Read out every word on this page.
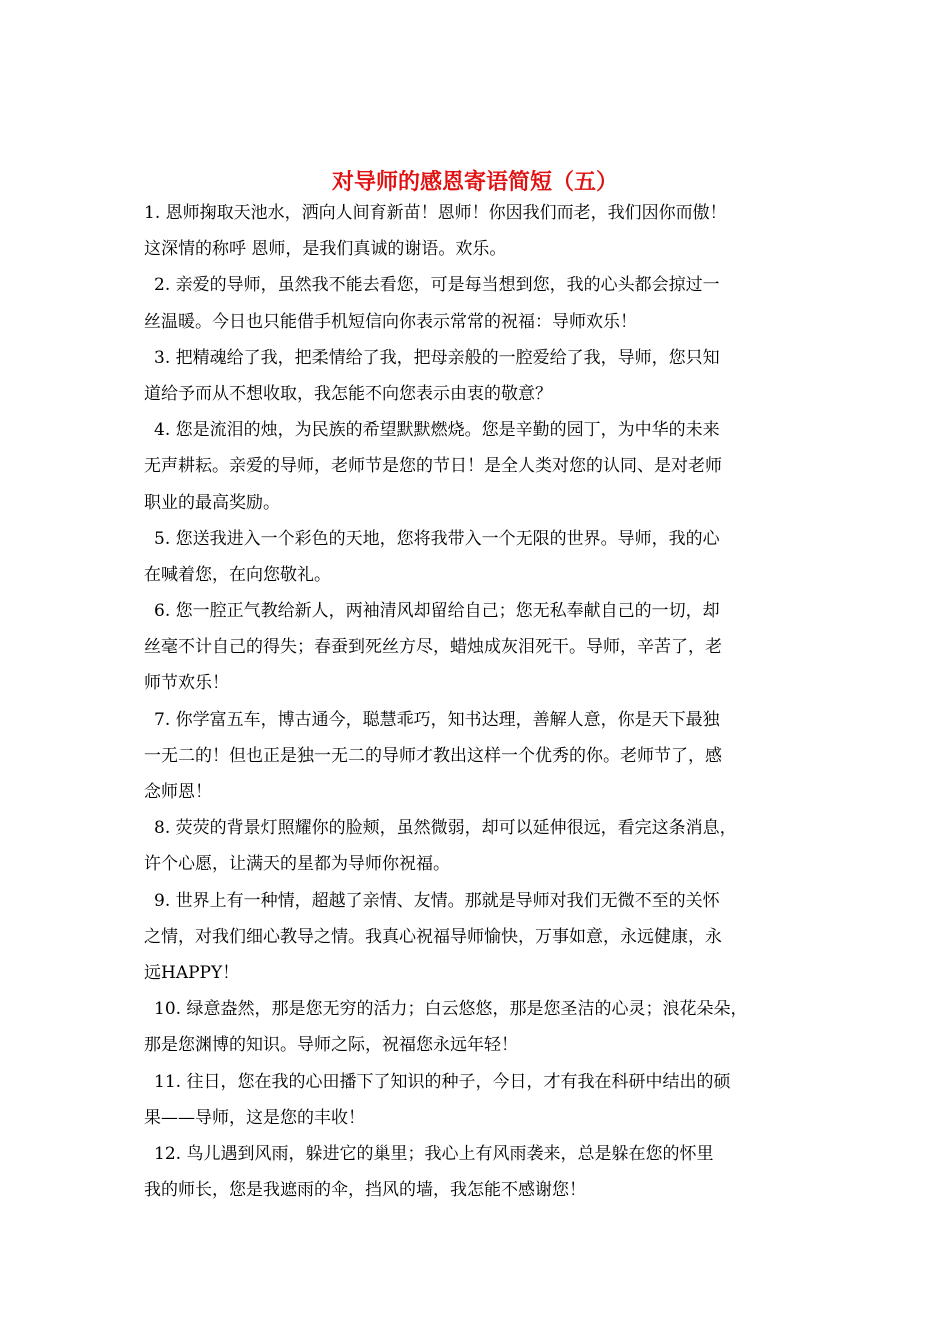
对导师的感恩寄语简短（五）
1. 恩师掬取天池水，洒向人间育新苗！恩师！你因我们而老，我们因你而傲！
这深情的称呼 恩师，是我们真诚的谢语。欢乐。
2. 亲爱的导师，虽然我不能去看您，可是每当想到您，我的心头都会掠过一
丝温暖。今日也只能借手机短信向你表示常常的祝福：导师欢乐！
3. 把精魂给了我，把柔情给了我，把母亲般的一腔爱给了我，导师，您只知
道给予而从不想收取，我怎能不向您表示由衷的敬意？
4. 您是流泪的烛，为民族的希望默默燃烧。您是辛勤的园丁，为中华的未来
无声耕耘。亲爱的导师，老师节是您的节日！是全人类对您的认同、是对老师
职业的最高奖励。
5. 您送我进入一个彩色的天地，您将我带入一个无限的世界。导师，我的心
在喊着您，在向您敬礼。
6. 您一腔正气教给新人，两袖清风却留给自己；您无私奉献自己的一切，却
丝毫不计自己的得失；春蚕到死丝方尽，蜡烛成灰泪死干。导师，辛苦了，老
师节欢乐！
7. 你学富五车，博古通今，聪慧乖巧，知书达理，善解人意，你是天下最独
一无二的！但也正是独一无二的导师才教出这样一个优秀的你。老师节了，感
念师恩！
8. 荧荧的背景灯照耀你的脸颊，虽然微弱，却可以延伸很远，看完这条消息，
许个心愿，让满天的星都为导师你祝福。
9. 世界上有一种情，超越了亲情、友情。那就是导师对我们无微不至的关怀
之情，对我们细心教导之情。我真心祝福导师愉快，万事如意，永远健康，永
远HAPPY！
10. 绿意盎然，那是您无穷的活力；白云悠悠，那是您圣洁的心灵；浪花朵朵，
那是您渊博的知识。导师之际，祝福您永远年轻！
11. 往日，您在我的心田播下了知识的种子，今日，才有我在科研中结出的硕
果——导师，这是您的丰收！
12. 鸟儿遇到风雨，躲进它的巢里；我心上有风雨袭来，总是躲在您的怀里
我的师长，您是我遮雨的伞，挡风的墙，我怎能不感谢您！
